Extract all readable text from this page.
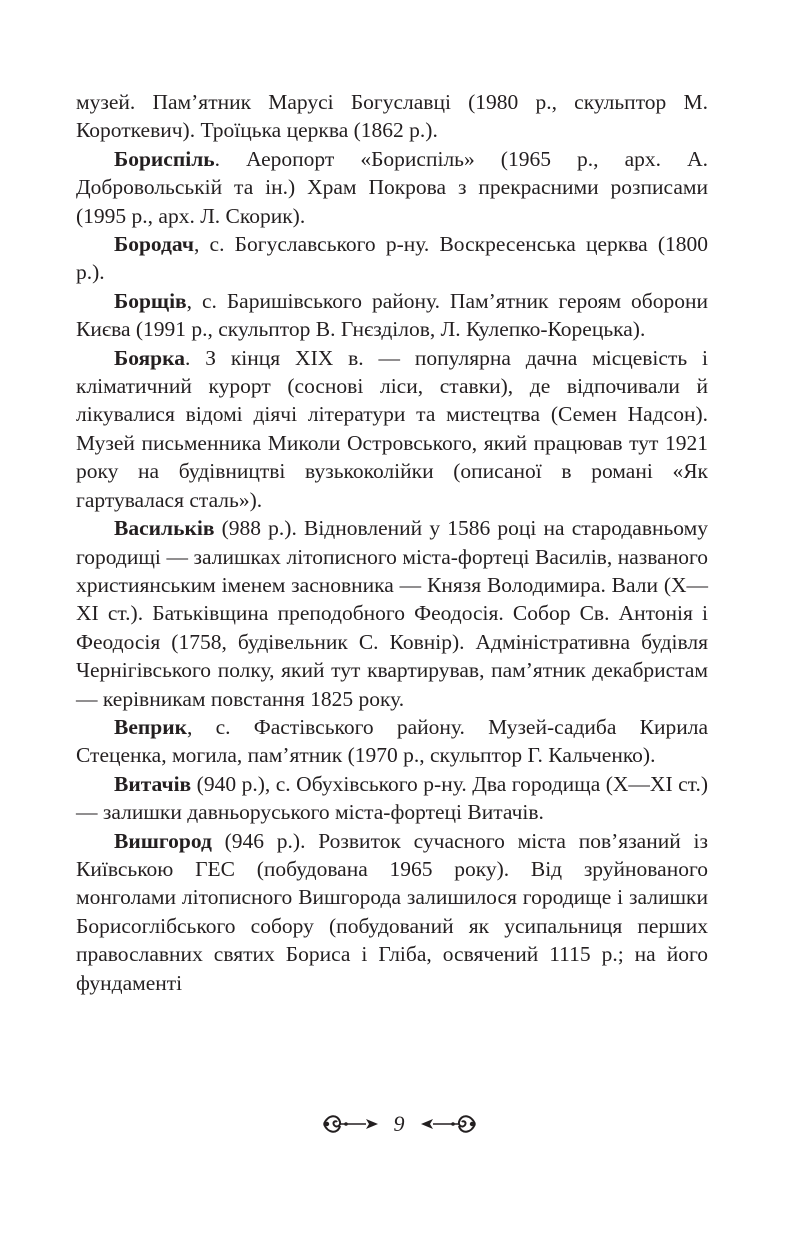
музей. Пам’ятник Марусі Богуславці (1980 р., скульптор М. Короткевич). Троїцька церква (1862 р.).

Бориспіль. Аеропорт «Бориспіль» (1965 р., арх. А. Добровольській та ін.) Храм Покрова з прекрасними розписами (1995 р., арх. Л. Скорик).

Бородач, с. Богуславського р-ну. Воскресенська церква (1800 р.).

Борщів, с. Баришівського району. Пам’ятник героям оборони Києва (1991 р., скульптор В. Гнєзділов, Л. Кулепко-Корецька).

Боярка. З кінця XIX в. — популярна дачна місцевість і кліматичний курорт (соснові ліси, ставки), де відпочивали й лікувалися відомі діячі літератури та мистецтва (Семен Надсон). Музей письменника Миколи Островського, який працював тут 1921 року на будівництві вузькоколійки (описаної в романі «Як гартувалася сталь»).

Васильків (988 р.). Відновлений у 1586 році на стародавньому городищі — залишках літописного міста-фортеці Василів, названого християнським іменем засновника — Князя Володимира. Вали (X—XI ст.). Батьківщина преподобного Феодосія. Собор Св. Антонія і Феодосія (1758, будівельник С. Ковнір). Адміністративна будівля Чернігівського полку, який тут квартирував, пам’ятник декабристам — керівникам повстання 1825 року.

Веприк, с. Фастівського району. Музей-садиба Кирила Стеценка, могила, пам’ятник (1970 р., скульптор Г. Кальченко).

Витачів (940 р.), с. Обухівського р-ну. Два городища (X—XI ст.) — залишки давньоруського міста-фортеці Витачів.

Вишгород (946 р.). Розвиток сучасного міста пов’язаний із Київською ГЕС (побудована 1965 року). Від зруйнованого монголами літописного Вишгорода залишилося городище і залишки Борисоглібського собору (побудований як усипальниця перших православних святих Бориса і Гліба, освячений 1115 р.; на його фундаменті

9
